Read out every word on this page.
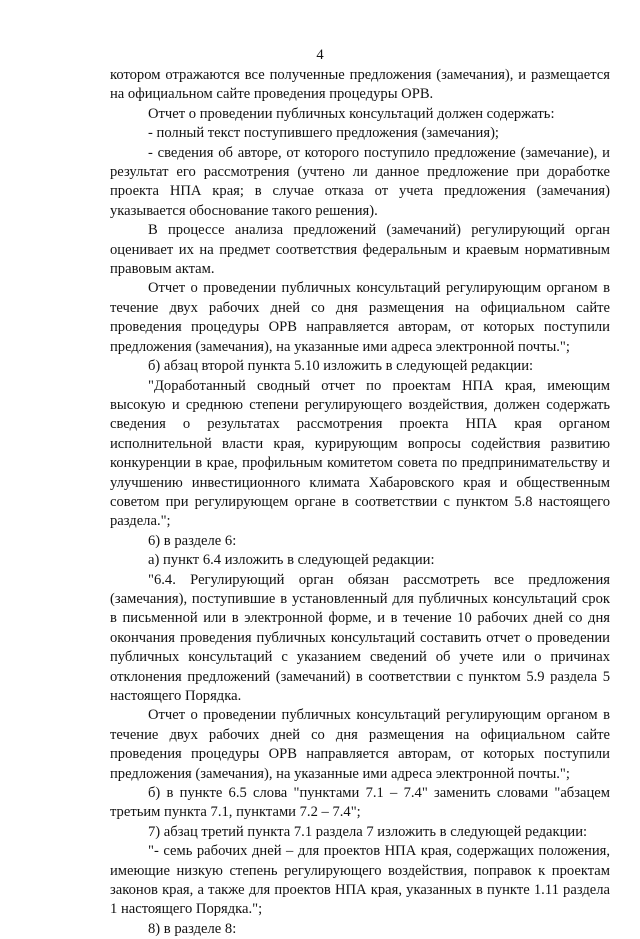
4

котором отражаются все полученные предложения (замечания), и размещается на официальном сайте проведения процедуры ОРВ.

Отчет о проведении публичных консультаций должен содержать:

- полный текст поступившего предложения (замечания);

- сведения об авторе, от которого поступило предложение (замечание), и результат его рассмотрения (учтено ли данное предложение при доработке проекта НПА края; в случае отказа от учета предложения (замечания) указывается обоснование такого решения).

В процессе анализа предложений (замечаний) регулирующий орган оценивает их на предмет соответствия федеральным и краевым нормативным правовым актам.

Отчет о проведении публичных консультаций регулирующим органом в течение двух рабочих дней со дня размещения на официальном сайте проведения процедуры ОРВ направляется авторам, от которых поступили предложения (замечания), на указанные ими адреса электронной почты.";

б) абзац второй пункта 5.10 изложить в следующей редакции:

"Доработанный сводный отчет по проектам НПА края, имеющим высокую и среднюю степени регулирующего воздействия, должен содержать сведения о результатах рассмотрения проекта НПА края органом исполнительной власти края, курирующим вопросы содействия развитию конкуренции в крае, профильным комитетом совета по предпринимательству и улучшению инвестиционного климата Хабаровского края и общественным советом при регулирующем органе в соответствии с пунктом 5.8 настоящего раздела.";

6) в разделе 6:

а) пункт 6.4 изложить в следующей редакции:

"6.4. Регулирующий орган обязан рассмотреть все предложения (замечания), поступившие в установленный для публичных консультаций срок в письменной или в электронной форме, и в течение 10 рабочих дней со дня окончания проведения публичных консультаций составить отчет о проведении публичных консультаций с указанием сведений об учете или о причинах отклонения предложений (замечаний) в соответствии с пунктом 5.9 раздела 5 настоящего Порядка.

Отчет о проведении публичных консультаций регулирующим органом в течение двух рабочих дней со дня размещения на официальном сайте проведения процедуры ОРВ направляется авторам, от которых поступили предложения (замечания), на указанные ими адреса электронной почты.";

б) в пункте 6.5 слова "пунктами 7.1 – 7.4" заменить словами "абзацем третьим пункта 7.1, пунктами 7.2 – 7.4";

7) абзац третий пункта 7.1 раздела 7 изложить в следующей редакции:

"- семь рабочих дней – для проектов НПА края, содержащих положения, имеющие низкую степень регулирующего воздействия, поправок к проектам законов края, а также для проектов НПА края, указанных в пункте 1.11 раздела 1 настоящего Порядка.";

8) в разделе 8:
